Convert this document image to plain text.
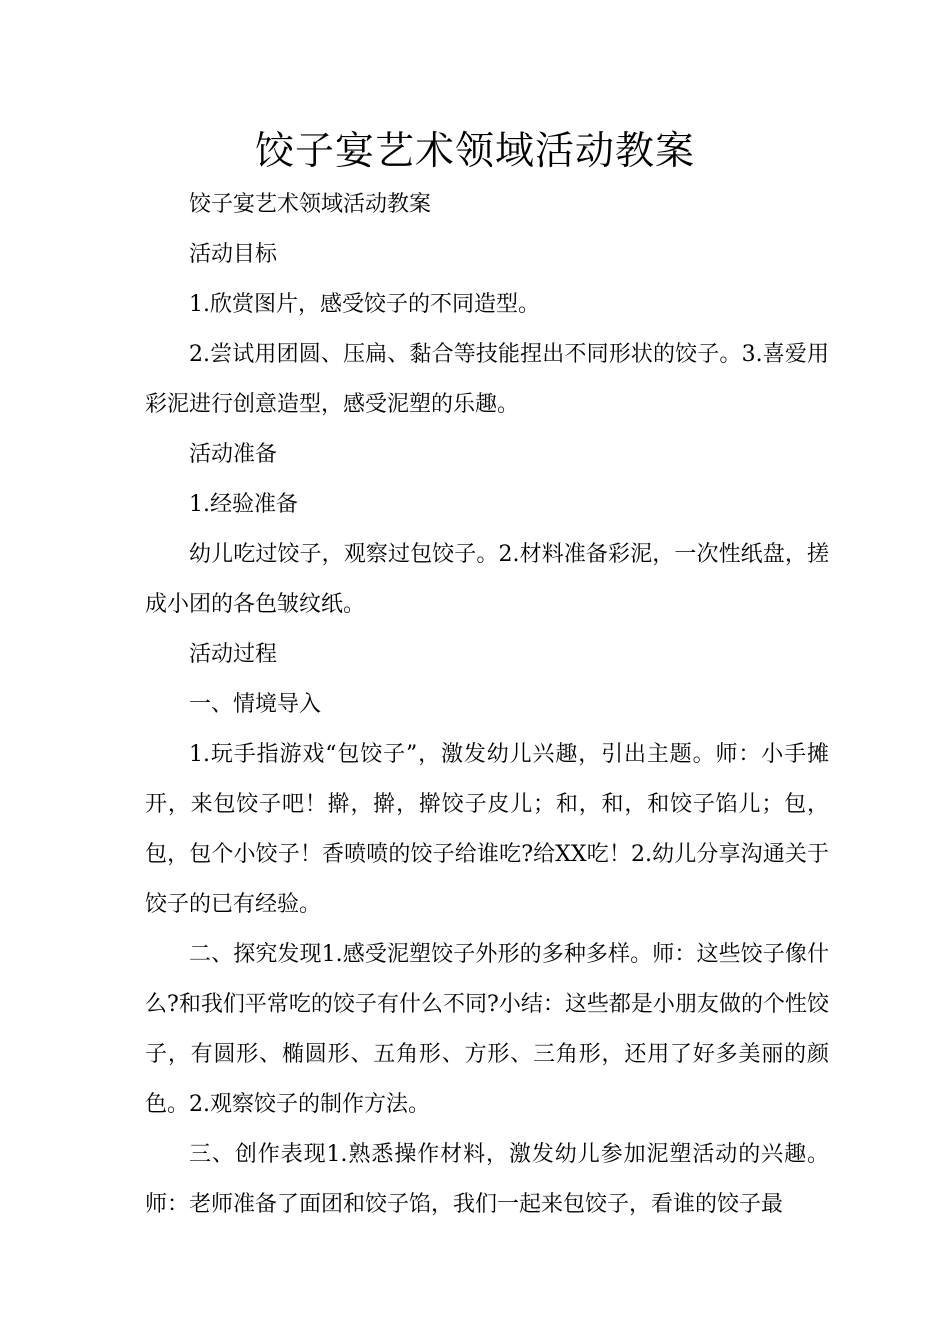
饺子宴艺术领域活动教案

饺子宴艺术领域活动教案

活动目标

1.欣赏图片，感受饺子的不同造型。

2.尝试用团圆、压扁、黏合等技能捏出不同形状的饺子。3.喜爱用彩泥进行创意造型，感受泥塑的乐趣。

活动准备

1.经验准备

幼儿吃过饺子，观察过包饺子。2.材料准备彩泥，一次性纸盘，搓成小团的各色皱纹纸。

活动过程

一、情境导入

1.玩手指游戏“包饺子”，激发幼儿兴趣，引出主题。师：小手摊开，来包饺子吧！擀，擀，擀饺子皮儿；和，和，和饺子馅儿；包，包，包个小饺子！香喷喷的饺子给谁吃?给XX吃！2.幼儿分享沟通关于饺子的已有经验。

二、探究发现1.感受泥塑饺子外形的多种多样。师：这些饺子像什么?和我们平常吃的饺子有什么不同?小结：这些都是小朋友做的个性饺子，有圆形、椭圆形、五角形、方形、三角形，还用了好多美丽的颜色。2.观察饺子的制作方法。

三、创作表现1.熟悉操作材料，激发幼儿参加泥塑活动的兴趣。师：老师准备了面团和饺子馅，我们一起来包饺子，看谁的饺子最
